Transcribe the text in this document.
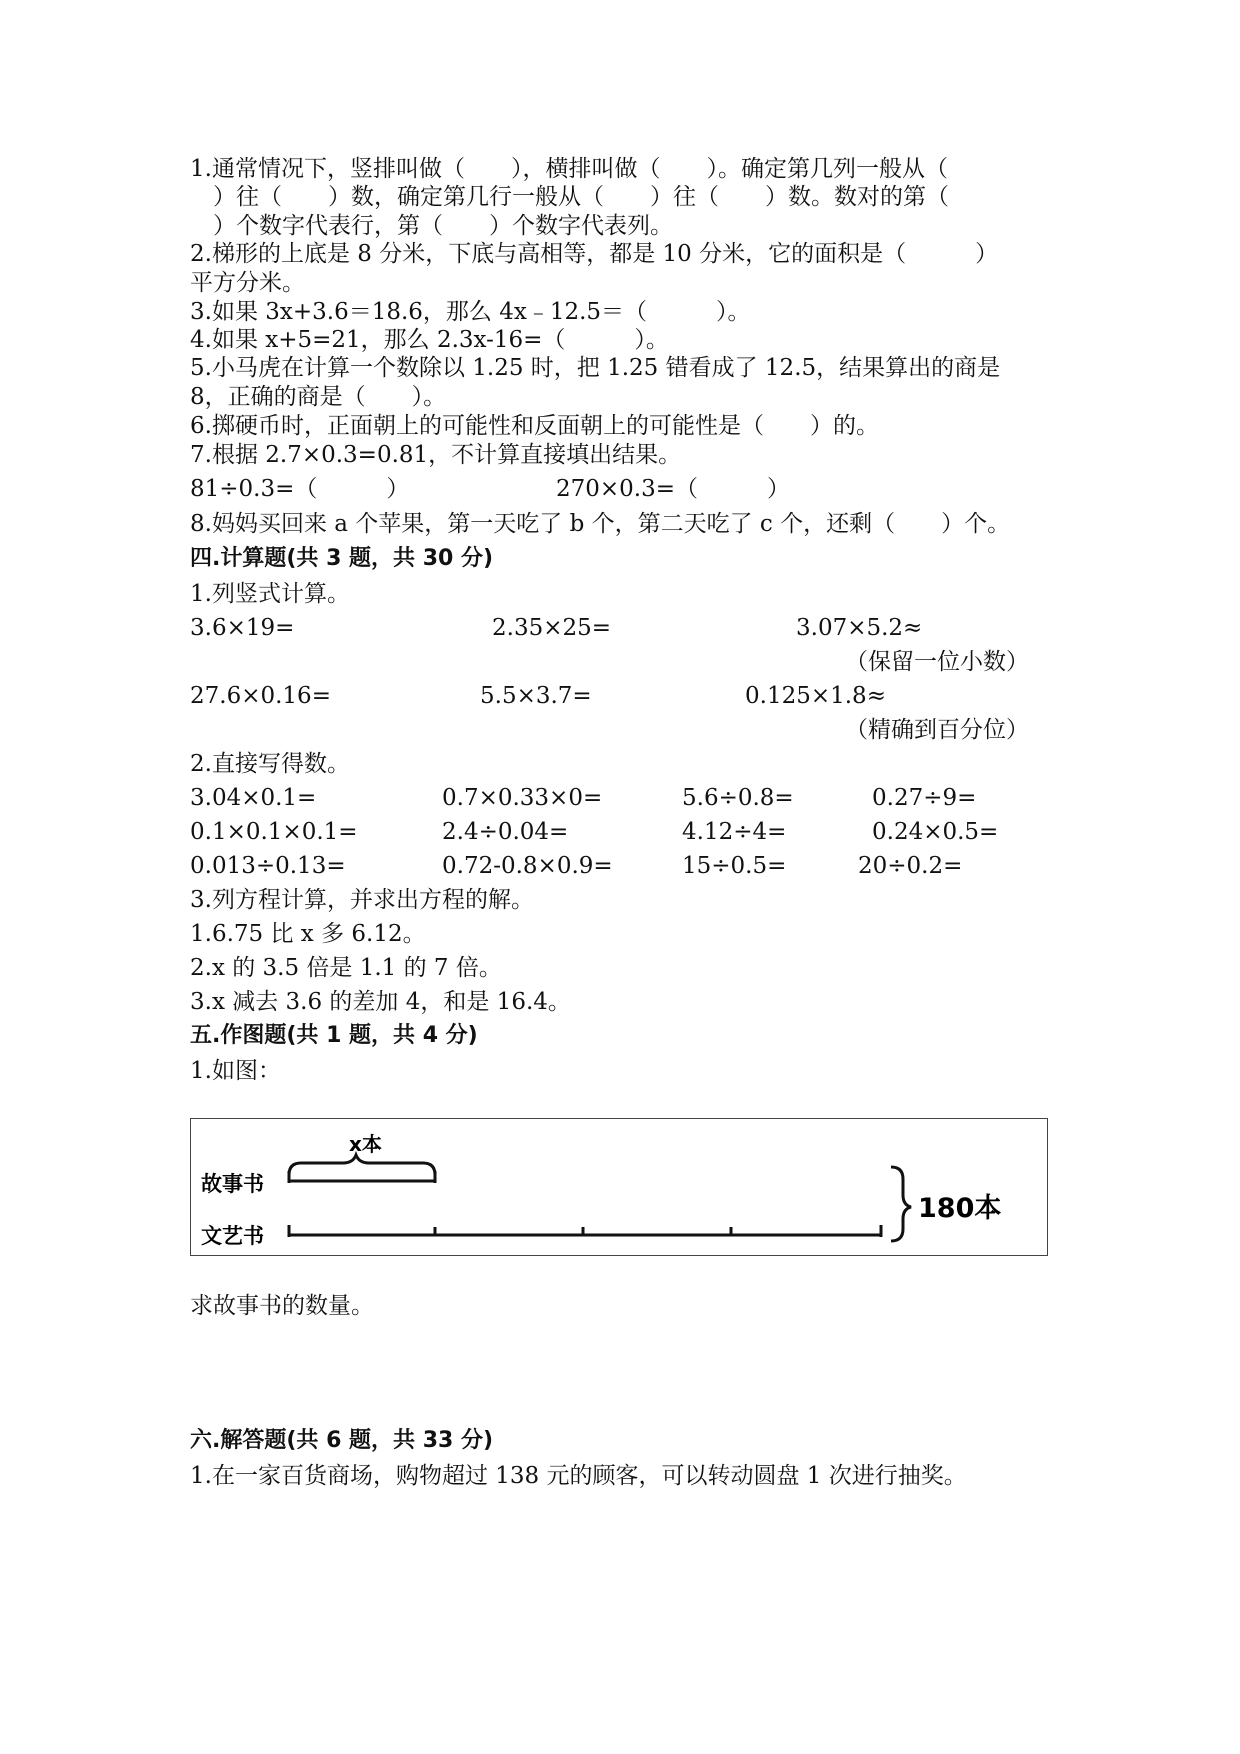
1.通常情况下，竖排叫做（　　），横排叫做（　　）。确定第几列一般从（
　）往（　　）数，确定第几行一般从（　　）往（　　）数。数对的第（
　）个数字代表行，第（　　）个数字代表列。
2.梯形的上底是 8 分米，下底与高相等，都是 10 分米，它的面积是（　　　）
平方分米。
3.如果 3x+3.6＝18.6，那么 4x﹣12.5＝（　　　）。
4.如果 x+5=21，那么 2.3x-16=（　　　）。
5.小马虎在计算一个数除以 1.25 时，把 1.25 错看成了 12.5，结果算出的商是
8，正确的商是（　　）。
6.掷硬币时，正面朝上的可能性和反面朝上的可能性是（　　）的。
7.根据 2.7×0.3=0.81，不计算直接填出结果。
81÷0.3=（　　　）	270×0.3=（　　　）
8.妈妈买回来 a 个苹果，第一天吃了 b 个，第二天吃了 c 个，还剩（　　）个。
四.计算题(共 3 题，共 30 分)
1.列竖式计算。
3.6×19=	2.35×25=	3.07×5.2≈
（保留一位小数）
27.6×0.16=	5.5×3.7=	0.125×1.8≈
（精确到百分位）
2.直接写得数。
3.04×0.1=	0.7×0.33×0=	5.6÷0.8=	0.27÷9=
0.1×0.1×0.1=	2.4÷0.04=	4.12÷4=	0.24×0.5=
0.013÷0.13=	0.72-0.8×0.9=	15÷0.5=	20÷0.2=
3.列方程计算，并求出方程的解。
1.6.75 比 x 多 6.12。
2.x 的 3.5 倍是 1.1 的 7 倍。
3.x 减去 3.6 的差加 4，和是 16.4。
五.作图题(共 1 题，共 4 分)
1.如图：
x本
故事书
文艺书
180本
求故事书的数量。
六.解答题(共 6 题，共 33 分)
1.在一家百货商场，购物超过 138 元的顾客，可以转动圆盘 1 次进行抽奖。
